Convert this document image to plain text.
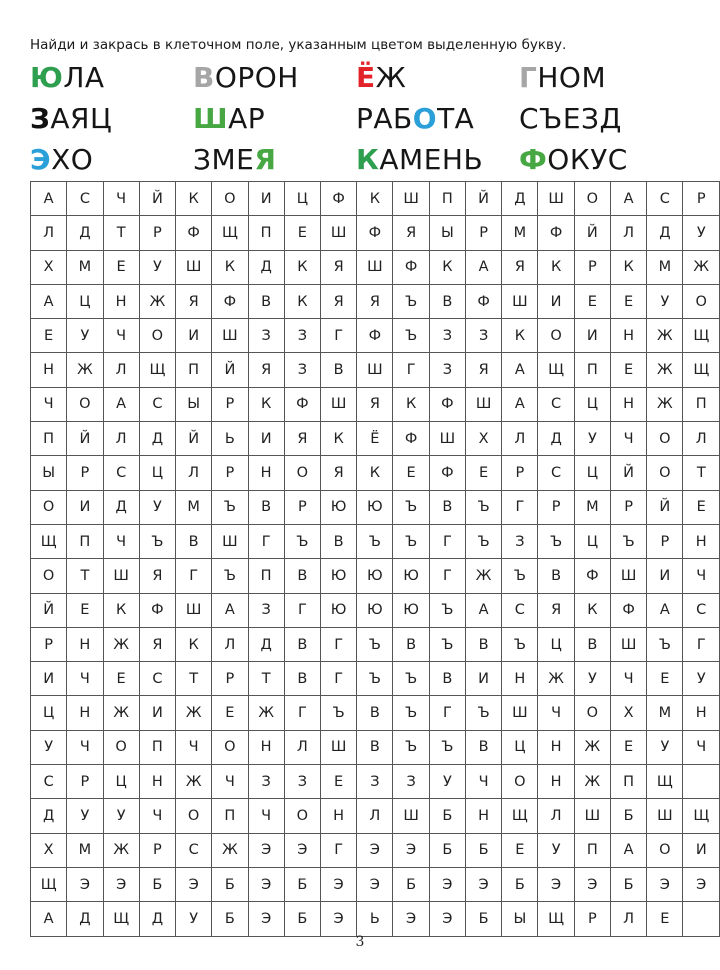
Найди и закрась в клеточном поле, указанным цветом выделенную букву.
ЮЛА	ВОРОН	ЁЖ	ГНОМ
ЗАЯЦ	ШАР	РАБОТА	СЪЕЗД
ЭХО	ЗМЕЯ	КАМЕНЬ	ФОКУС
А	С	Ч	Й	К	О	И	Ц	Ф	К	Ш	П	Й	Д	Ш	О	А	С	Р
Л	Д	Т	Р	Ф	Щ	П	Е	Ш	Ф	Я	Ы	Р	М	Ф	Й	Л	Д	У
Х	М	Е	У	Ш	К	Д	К	Я	Ш	Ф	К	А	Я	К	Р	К	М	Ж
А	Ц	Н	Ж	Я	Ф	В	К	Я	Я	Ъ	В	Ф	Ш	И	Е	Е	У	О
Е	У	Ч	О	И	Ш	З	З	Г	Ф	Ъ	З	З	К	О	И	Н	Ж	Щ
Н	Ж	Л	Щ	П	Й	Я	З	В	Ш	Г	З	Я	А	Щ	П	Е	Ж	Щ
Ч	О	А	С	Ы	Р	К	Ф	Ш	Я	К	Ф	Ш	А	С	Ц	Н	Ж	П
П	Й	Л	Д	Й	Ь	И	Я	К	Ё	Ф	Ш	Х	Л	Д	У	Ч	О	Л
Ы	Р	С	Ц	Л	Р	Н	О	Я	К	Е	Ф	Е	Р	С	Ц	Й	О	Т
О	И	Д	У	М	Ъ	В	Р	Ю	Ю	Ъ	В	Ъ	Г	Р	М	Р	Й	Е
Щ	П	Ч	Ъ	В	Ш	Г	Ъ	В	Ъ	Ъ	Г	Ъ	З	Ъ	Ц	Ъ	Р	Н
О	Т	Ш	Я	Г	Ъ	П	В	Ю	Ю	Ю	Г	Ж	Ъ	В	Ф	Ш	И	Ч
Й	Е	К	Ф	Ш	А	З	Г	Ю	Ю	Ю	Ъ	А	С	Я	К	Ф	А	С
Р	Н	Ж	Я	К	Л	Д	В	Г	Ъ	В	Ъ	В	Ъ	Ц	В	Ш	Ъ	Г
И	Ч	Е	С	Т	Р	Т	В	Г	Ъ	Ъ	В	И	Н	Ж	У	Ч	Е	У
Ц	Н	Ж	И	Ж	Е	Ж	Г	Ъ	В	Ъ	Г	Ъ	Ш	Ч	О	Х	М	Н
У	Ч	О	П	Ч	О	Н	Л	Ш	В	Ъ	Ъ	В	Ц	Н	Ж	Е	У	Ч
С	Р	Ц	Н	Ж	Ч	З	З	Е	З	З	У	Ч	О	Н	Ж	П	Щ	
Д	У	У	Ч	О	П	Ч	О	Н	Л	Ш	Б	Н	Щ	Л	Ш	Б	Ш	Щ
Х	М	Ж	Р	С	Ж	Э	Э	Г	Э	Э	Б	Б	Е	У	П	А	О	И
Щ	Э	Э	Б	Э	Б	Э	Б	Э	Э	Б	Э	Э	Б	Э	Э	Б	Э	Э
А	Д	Щ	Д	У	Б	Э	Б	Э	Ь	Э	Э	Б	Ы	Щ	Р	Л	Е	
3
